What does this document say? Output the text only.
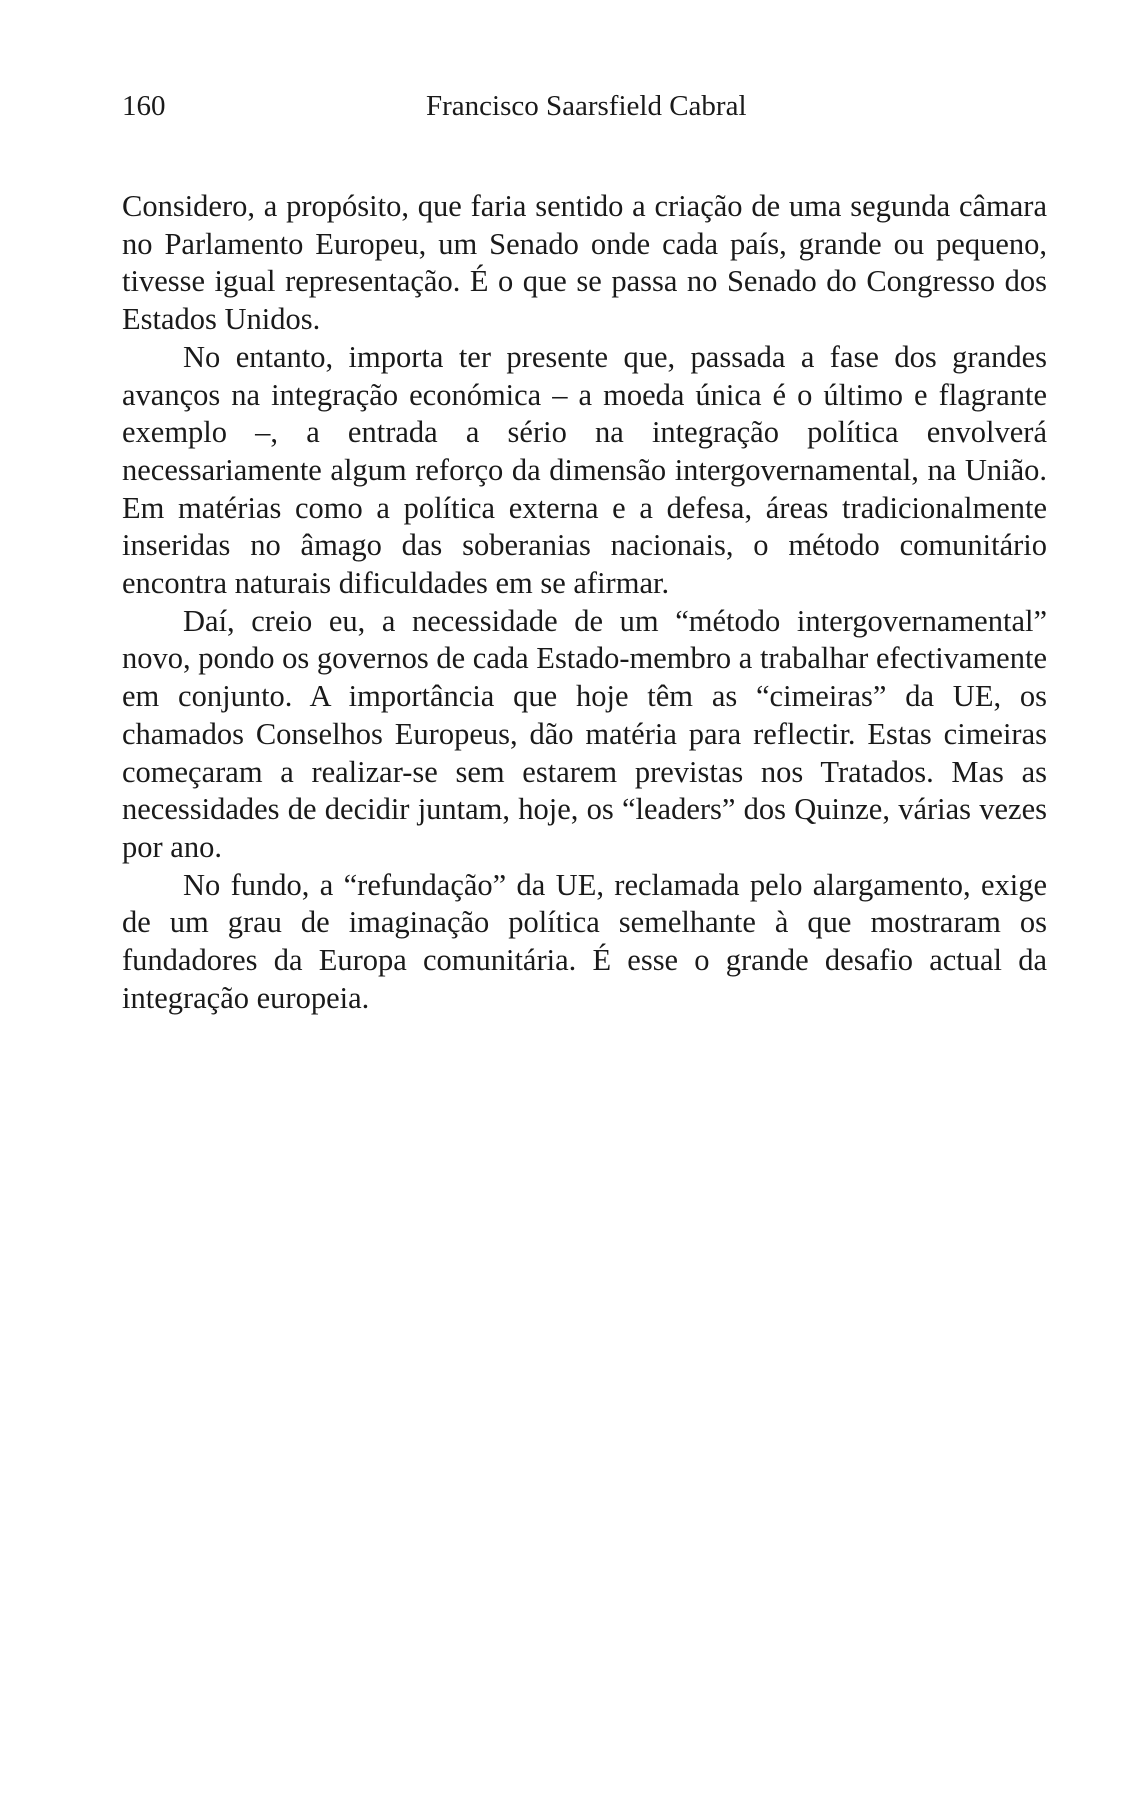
160	Francisco Saarsfield Cabral

Considero, a propósito, que faria sentido a criação de uma segunda câmara no Parlamento Europeu, um Senado onde cada país, grande ou pequeno, tivesse igual representação. É o que se passa no Senado do Congresso dos Estados Unidos.

No entanto, importa ter presente que, passada a fase dos grandes avanços na integração económica – a moeda única é o último e flagrante exemplo –, a entrada a sério na integração política envolverá necessariamente algum reforço da dimensão intergovernamental, na União. Em matérias como a política externa e a defesa, áreas tradicionalmente inseridas no âmago das soberanias nacionais, o método comunitário encontra naturais dificuldades em se afirmar.

Daí, creio eu, a necessidade de um “método intergovernamental” novo, pondo os governos de cada Estado-membro a trabalhar efectivamente em conjunto. A importância que hoje têm as “cimeiras” da UE, os chamados Conselhos Europeus, dão matéria para reflectir. Estas cimeiras começaram a realizar-se sem estarem previstas nos Tratados. Mas as necessidades de decidir juntam, hoje, os “leaders” dos Quinze, várias vezes por ano.

No fundo, a “refundação” da UE, reclamada pelo alargamento, exige de um grau de imaginação política semelhante à que mostraram os fundadores da Europa comunitária. É esse o grande desafio actual da integração europeia.
